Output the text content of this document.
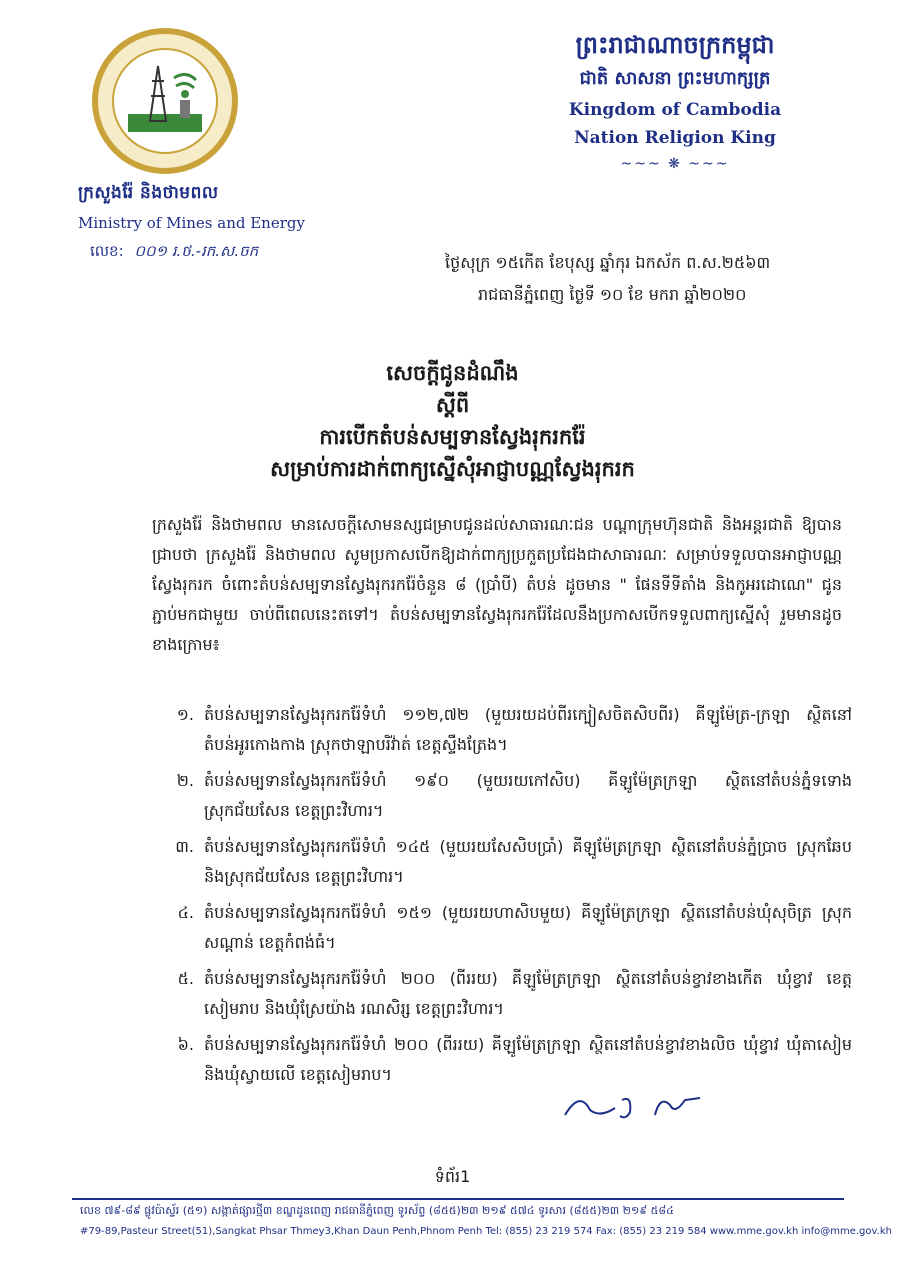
ក្រសួងរ៉ែ និងថាមពល
Ministry of Mines and Energy
លេខ: ០០១ រ.ថ.-រក.ស.ចក
ព្រះរាជាណាចក្រកម្ពុជា
ជាតិ សាសនា ព្រះមហាក្សត្រ
Kingdom of Cambodia
Nation Religion King
~~~ ❋ ~~~
ថ្ងៃសុក្រ ១៥កើត ខែបុស្ស ឆ្នាំកុរ ឯកស័ក ព.ស.២៥៦៣
រាជធានីភ្នំពេញ ថ្ងៃទី ១០ ខែ មករា ឆ្នាំ២០២០
សេចក្តីជូនដំណឹង
ស្តីពី
ការបើកតំបន់សម្បទានស្វែងរុករករ៉ែ
សម្រាប់ការដាក់ពាក្យស្នើសុំអាជ្ញាបណ្ណស្វែងរុករក
ក្រសួងរ៉ែ និងថាមពល មានសេចក្តីសោមនស្សជម្រាបជូនដល់សាធារណៈជន បណ្តាក្រុមហ៊ុនជាតិ និងអន្តរជាតិ ឱ្យបានជ្រាបថា ក្រសួងរ៉ែ និងថាមពល សូមប្រកាសបើកឱ្យដាក់ពាក្យប្រកួតប្រជែងជាសាធារណៈ សម្រាប់ទទួលបានអាជ្ញាបណ្ណស្វែងរុករក ចំពោះតំបន់សម្បទានស្វែងរុករករ៉ែចំនួន ៨ (ប្រាំបី) តំបន់ ដូចមាន " ផែនទីទីតាំង និងកូអរដោណេ" ជូនភ្ជាប់មកជាមួយ ចាប់ពីពេលនេះតទៅ។ តំបន់សម្បទានស្វែងរុករករ៉ែដែលនឹងប្រកាសបើកទទួលពាក្យស្នើសុំ រួមមានដូចខាងក្រោម៖
១. តំបន់សម្បទានស្វែងរុករករ៉ែទំហំ ១១២,៧២ (មួយរយដប់ពីរក្បៀសចិតសិបពីរ) គីឡូម៉ែត្រ-ក្រឡា ស្ថិតនៅតំបន់អូរកោងកាង ស្រុកថាឡាបរិវ៉ាត់ ខេត្តស្ទឹងត្រែង។
២. តំបន់សម្បទានស្វែងរុករករ៉ែទំហំ ១៩០ (មួយរយកៅសិប) គីឡូម៉ែត្រក្រឡា ស្ថិតនៅតំបន់ភ្នំទទោង ស្រុកជ័យសែន ខេត្តព្រះវិហារ។
៣. តំបន់សម្បទានស្វែងរុករករ៉ែទំហំ ១៤៥ (មួយរយសែសិបប្រាំ) គីឡូម៉ែត្រក្រឡា ស្ថិតនៅតំបន់ភ្នំប្រាច ស្រុកឆែប និងស្រុកជ័យសែន ខេត្តព្រះវិហារ។
៤. តំបន់សម្បទានស្វែងរុករករ៉ែទំហំ ១៥១ (មួយរយហាសិបមួយ) គីឡូម៉ែត្រក្រឡា ស្ថិតនៅតំបន់ឃុំសុចិត្រ ស្រុកសណ្តាន់ ខេត្តកំពង់ធំ។
៥. តំបន់សម្បទានស្វែងរុករករ៉ែទំហំ ២០០ (ពីររយ) គីឡូម៉ែត្រក្រឡា ស្ថិតនៅតំបន់ខ្វាវខាងកើត ឃុំខ្វាវ ខេត្តសៀមរាប និងឃុំស្រែយ៉ាង រណសិរ្ស ខេត្តព្រះវិហារ។
៦. តំបន់សម្បទានស្វែងរុករករ៉ែទំហំ ២០០ (ពីររយ) គីឡូម៉ែត្រក្រឡា ស្ថិតនៅតំបន់ខ្វាវខាងលិច ឃុំខ្វាវ ឃុំតាសៀម និងឃុំស្វាយលើ ខេត្តសៀមរាប។
ទំព័រ1
លេខ ៧៩-៨៩ ផ្លូវប៉ាស្ទ័រ (៥១) សង្កាត់ផ្សារថ្មី៣ ខណ្ឌដូនពេញ រាជធានីភ្នំពេញ ទូរស័ព្ទ (៨៥៥)២៣ ២១៩ ៥៧៤ ទូរសារ (៨៥៥)២៣ ២១៩ ៥៨៤
#79-89,Pasteur Street(51),Sangkat Phsar Thmey3,Khan Daun Penh,Phnom Penh Tel: (855) 23 219 574 Fax: (855) 23 219 584 www.mme.gov.kh info@mme.gov.kh
